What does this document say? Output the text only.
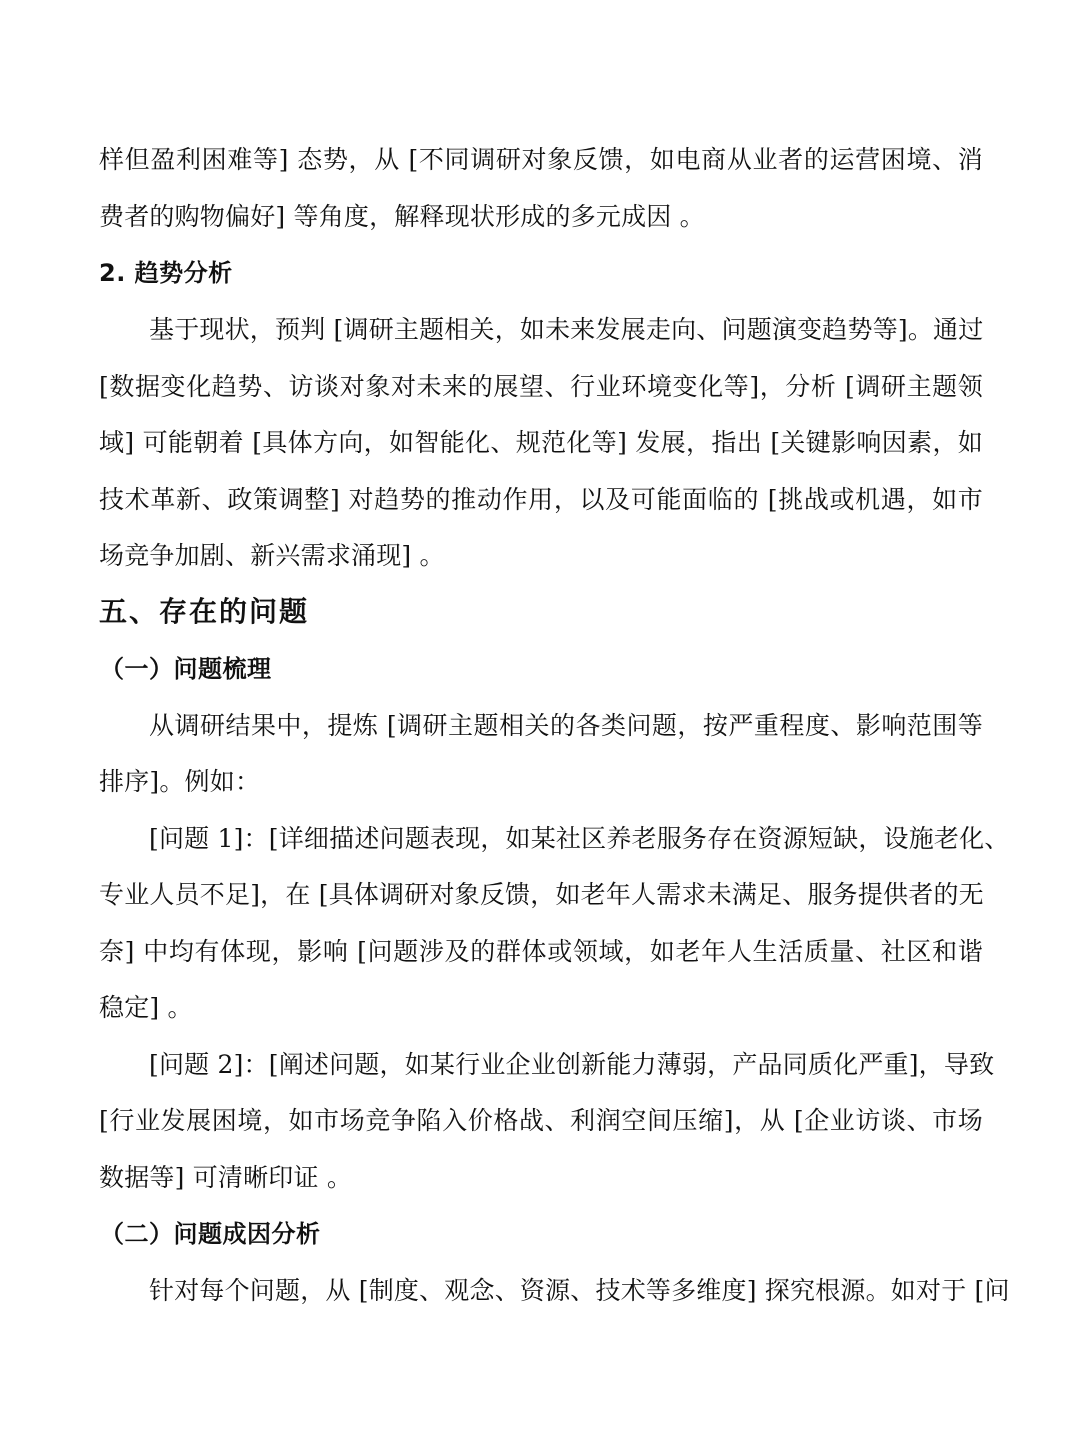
样但盈利困难等] 态势，从 [不同调研对象反馈，如电商从业者的运营困境、消
费者的购物偏好] 等角度，解释现状形成的多元成因 。
2. 趋势分析
基于现状，预判 [调研主题相关，如未来发展走向、问题演变趋势等]。通过
[数据变化趋势、访谈对象对未来的展望、行业环境变化等]，分析 [调研主题领
域] 可能朝着 [具体方向，如智能化、规范化等] 发展，指出 [关键影响因素，如
技术革新、政策调整] 对趋势的推动作用，以及可能面临的 [挑战或机遇，如市
场竞争加剧、新兴需求涌现] 。
五、存在的问题
（一）问题梳理
从调研结果中，提炼 [调研主题相关的各类问题，按严重程度、影响范围等
排序]。例如：
[问题 1]：[详细描述问题表现，如某社区养老服务存在资源短缺，设施老化、
专业人员不足]，在 [具体调研对象反馈，如老年人需求未满足、服务提供者的无
奈] 中均有体现，影响 [问题涉及的群体或领域，如老年人生活质量、社区和谐
稳定] 。
[问题 2]：[阐述问题，如某行业企业创新能力薄弱，产品同质化严重]，导致
[行业发展困境，如市场竞争陷入价格战、利润空间压缩]，从 [企业访谈、市场
数据等] 可清晰印证 。
（二）问题成因分析
针对每个问题，从 [制度、观念、资源、技术等多维度] 探究根源。如对于 [问
